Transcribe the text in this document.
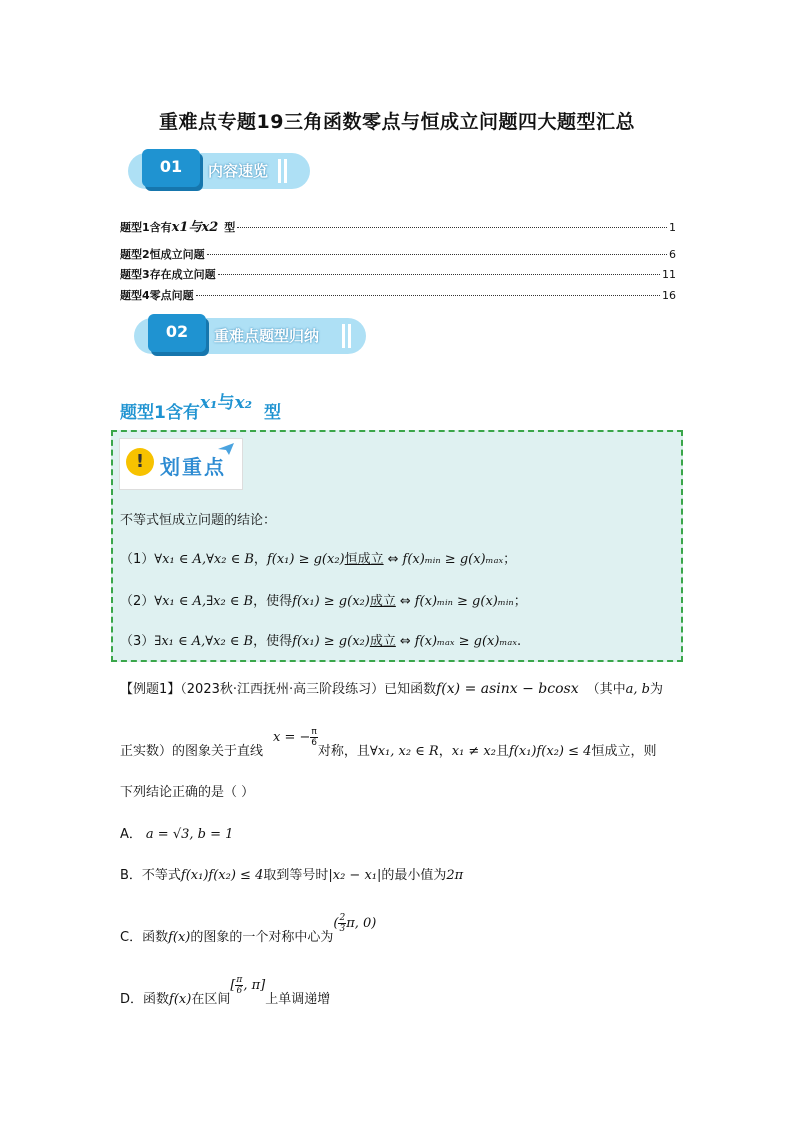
重难点专题19三角函数零点与恒成立问题四大题型汇总
01	内容速览
题型1含有x1与x2 型	1
题型2恒成立问题	6
题型3存在成立问题	11
题型4零点问题	16
02	重难点题型归纳
题型1含有x₁与x₂ 型
! 划重点
不等式恒成立问题的结论：
（1）∀x₁ ∈ A,∀x₂ ∈ B，f(x₁) ≥ g(x₂)恒成立 ⇔ f(x)ₘᵢₙ ≥ g(x)ₘₐₓ；
（2）∀x₁ ∈ A,∃x₂ ∈ B，使得f(x₁) ≥ g(x₂)成立 ⇔ f(x)ₘᵢₙ ≥ g(x)ₘᵢₙ；
（3）∃x₁ ∈ A,∀x₂ ∈ B，使得f(x₁) ≥ g(x₂)成立 ⇔ f(x)ₘₐₓ ≥ g(x)ₘₐₓ.
【例题1】（2023秋·江西抚州·高三阶段练习）已知函数f(x) = asinx − bcosx （其中a, b为
正实数）的图象关于直线x = − $\frac{\pi}{6}$
对称，且∀x₁, x₂ ∈ R，x₁ ≠ x₂且f(x₁)f(x₂) ≤ 4恒成立，则
下列结论正确的是（ ）
A． a = √3, b = 1
B．不等式f(x₁)f(x₂) ≤ 4取到等号时|x₂ − x₁|的最小值为2π
C．函数f(x)的图象的一个对称中心为( $\frac{2}{3} \pi$, 0)
D．函数f(x)在区间[ $\frac{\pi}{6}$ , π]上单调递增
